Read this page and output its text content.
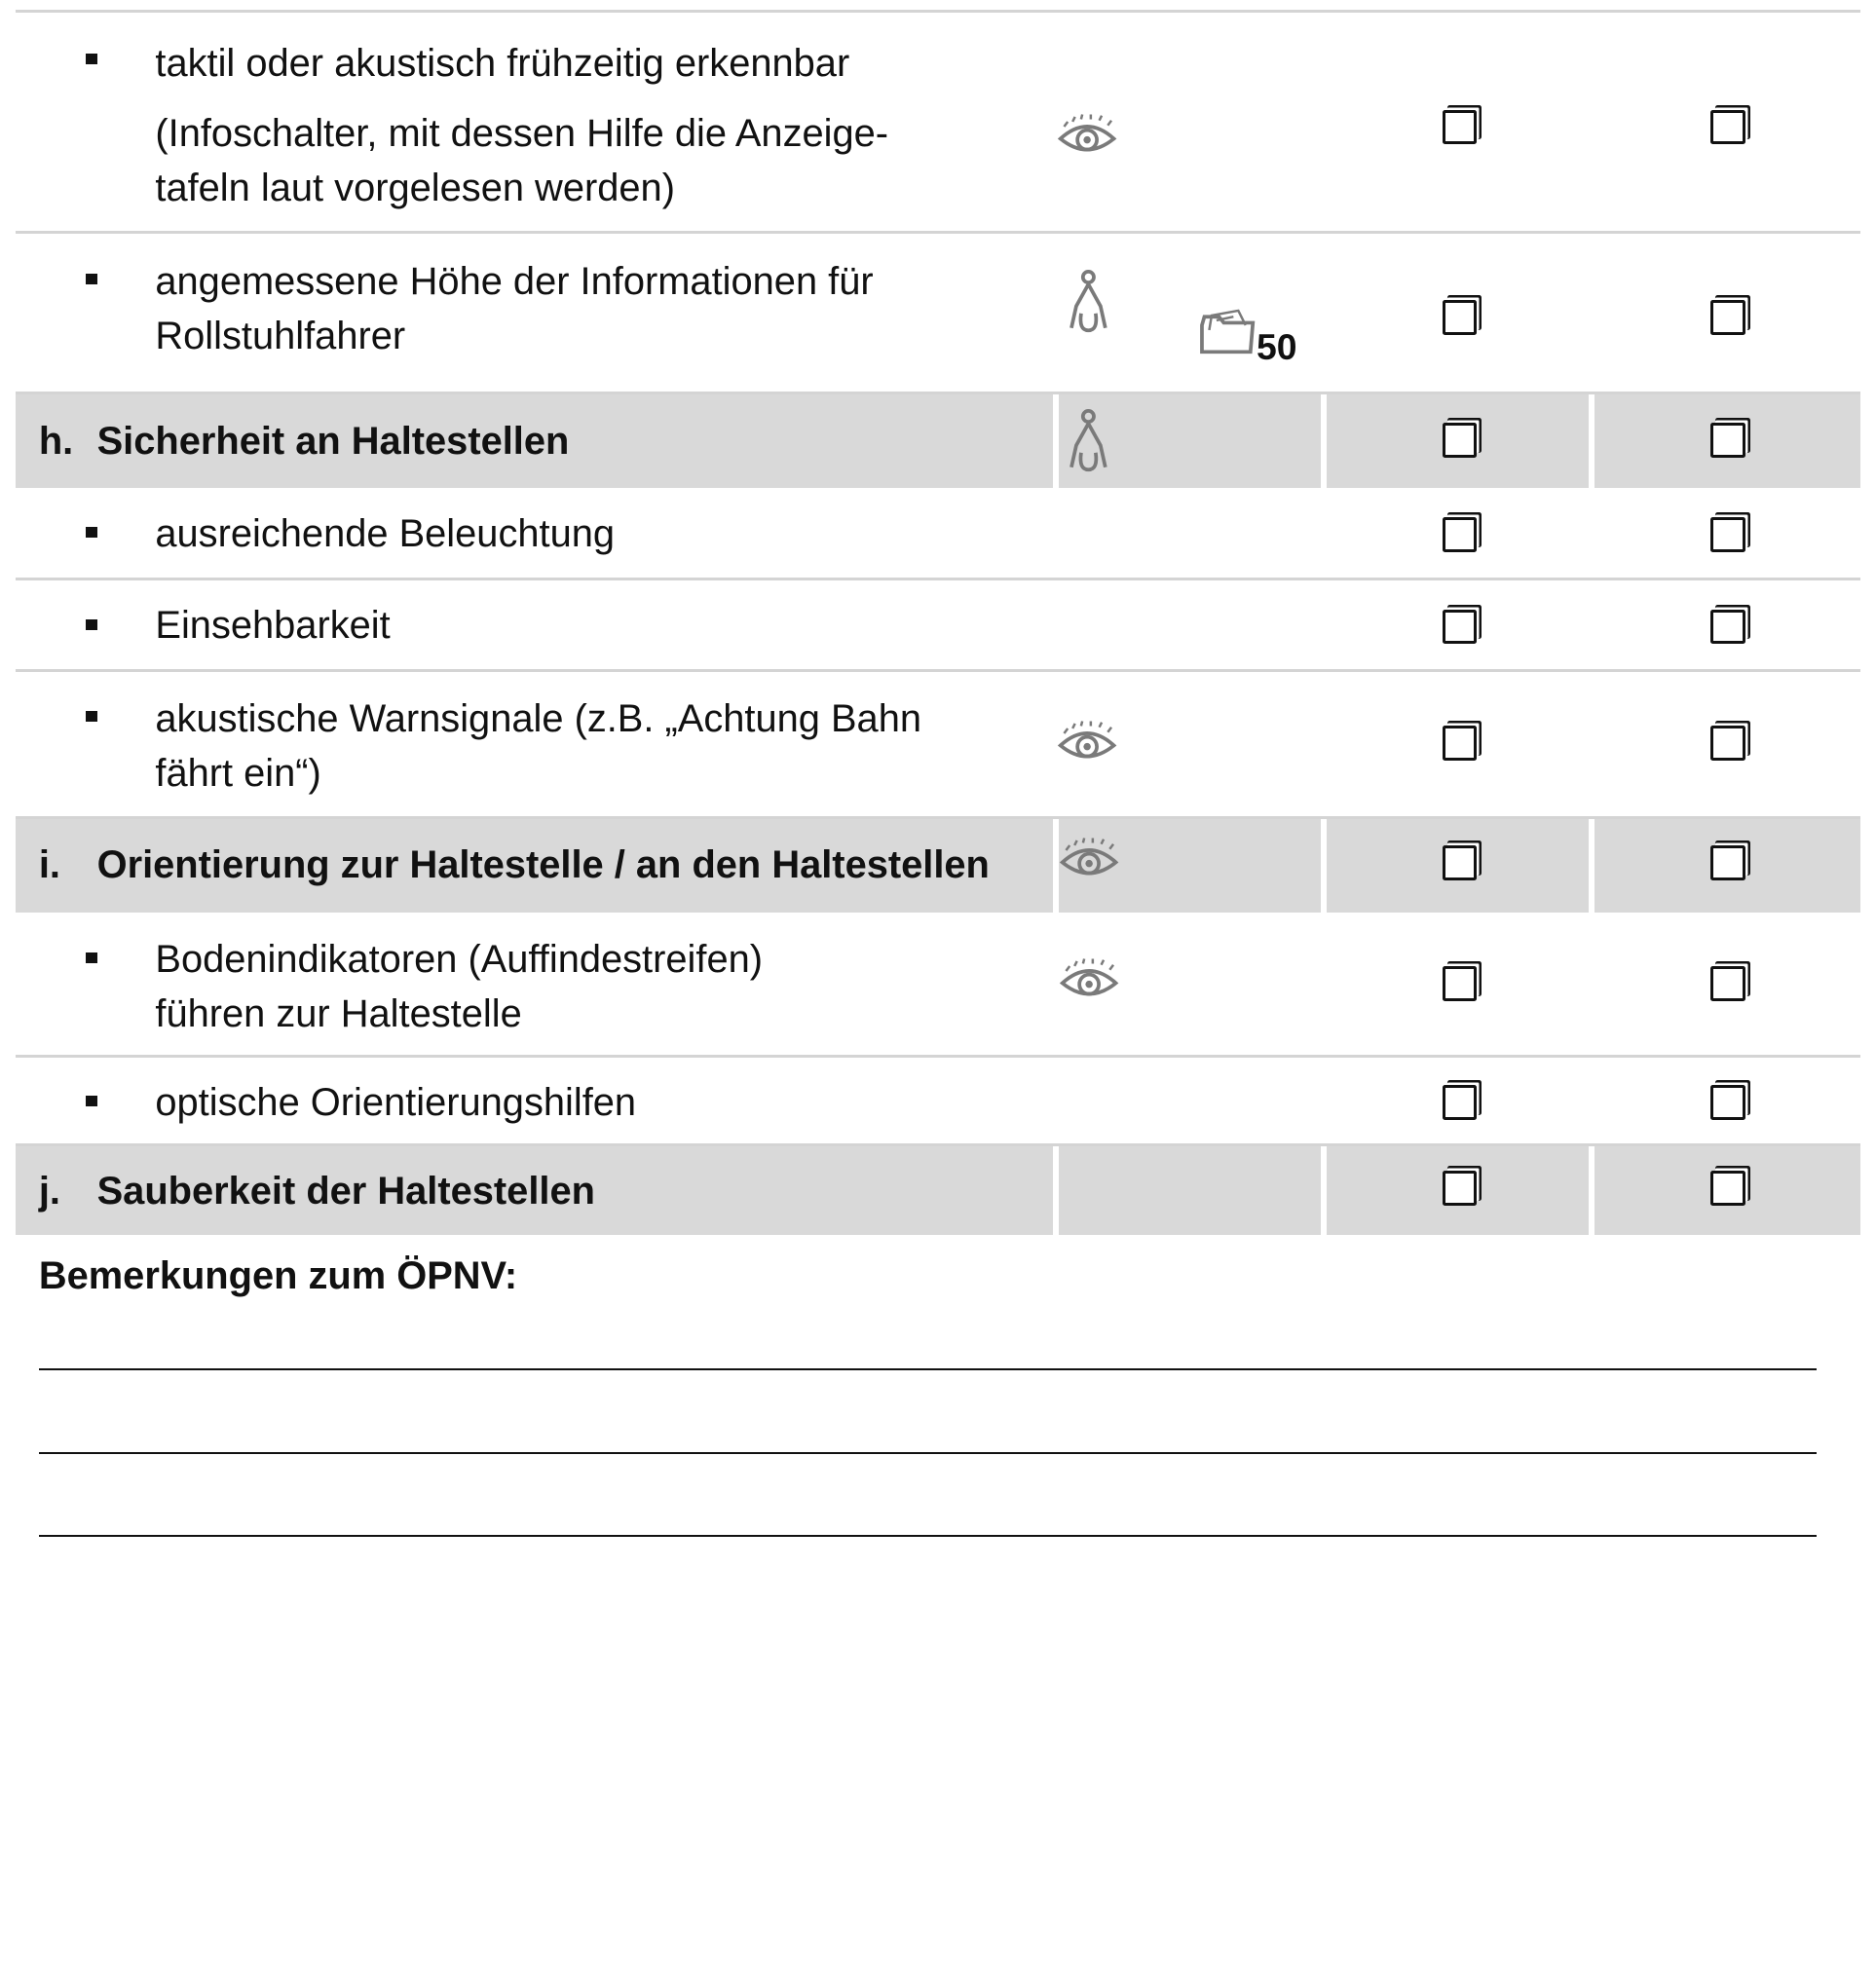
taktil oder akustisch frühzeitig erkennbar
(Infoschalter, mit dessen Hilfe die Anzeige-
tafeln laut vorgelesen werden)
angemessene Höhe der Informationen für
Rollstuhlfahrer	50
h. Sicherheit an Haltestellen
ausreichende Beleuchtung
Einsehbarkeit
akustische Warnsignale (z.B. „Achtung Bahn
fährt ein“)
i. Orientierung zur Haltestelle / an den Haltestellen
Bodenindikatoren (Auffindestreifen)
führen zur Haltestelle
optische Orientierungshilfen
j. Sauberkeit der Haltestellen
Bemerkungen zum ÖPNV:
